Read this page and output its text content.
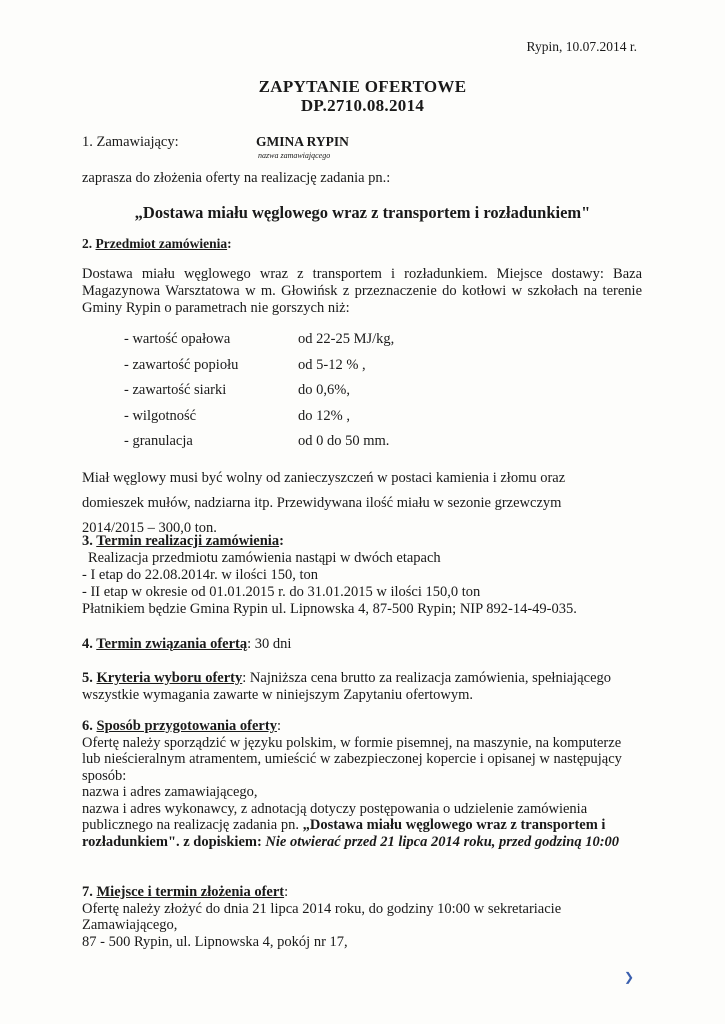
Rypin, 10.07.2014 r.
ZAPYTANIE OFERTOWE
DP.2710.08.2014
1. Zamawiający:	GMINA RYPIN
nazwa zamawiającego
zaprasza do złożenia oferty na realizację zadania pn.:
„Dostawa miału węglowego wraz z transportem i rozładunkiem"
2. Przedmiot zamówienia:
Dostawa miału węglowego wraz z transportem i rozładunkiem. Miejsce dostawy: Baza Magazynowa Warsztatowa w m. Głowińsk z przeznaczenie do kotłowi w szkołach na terenie Gminy Rypin o parametrach nie gorszych niż:
- wartość opałowa	od 22-25 MJ/kg,
- zawartość popiołu	od 5-12 % ,
- zawartość siarki	do 0,6%,
- wilgotność	do 12% ,
- granulacja	od 0 do 50 mm.
Miał węglowy musi być wolny od zanieczyszczeń w postaci kamienia i złomu oraz domieszek mułów, nadziarna itp. Przewidywana ilość miału w sezonie grzewczym 2014/2015 – 300,0 ton.
3. Termin realizacji zamówienia:
Realizacja przedmiotu zamówienia nastąpi w dwóch etapach
- I etap do 22.08.2014r. w ilości 150, ton
- II etap w okresie od 01.01.2015 r. do 31.01.2015 w ilości 150,0 ton
Płatnikiem będzie Gmina Rypin ul. Lipnowska 4, 87-500 Rypin; NIP 892-14-49-035.
4. Termin związania ofertą: 30 dni
5. Kryteria wyboru oferty: Najniższa cena brutto za realizacja zamówienia, spełniającego wszystkie wymagania zawarte w niniejszym Zapytaniu ofertowym.
6. Sposób przygotowania oferty:
Ofertę należy sporządzić w języku polskim, w formie pisemnej, na maszynie, na komputerze lub nieścieralnym atramentem, umieścić w zabezpieczonej kopercie i opisanej w następujący sposób:
nazwa i adres zamawiającego,
nazwa i adres wykonawcy, z adnotacją dotyczy postępowania o udzielenie zamówienia publicznego na realizację zadania pn. „Dostawa miału węglowego wraz z transportem i rozładunkiem". z dopiskiem: Nie otwierać przed 21 lipca 2014 roku, przed godziną 10:00
7. Miejsce i termin złożenia ofert:
Ofertę należy złożyć do dnia 21 lipca 2014 roku, do godziny 10:00 w sekretariacie Zamawiającego,
87 - 500 Rypin, ul. Lipnowska 4, pokój nr 17,
❯
